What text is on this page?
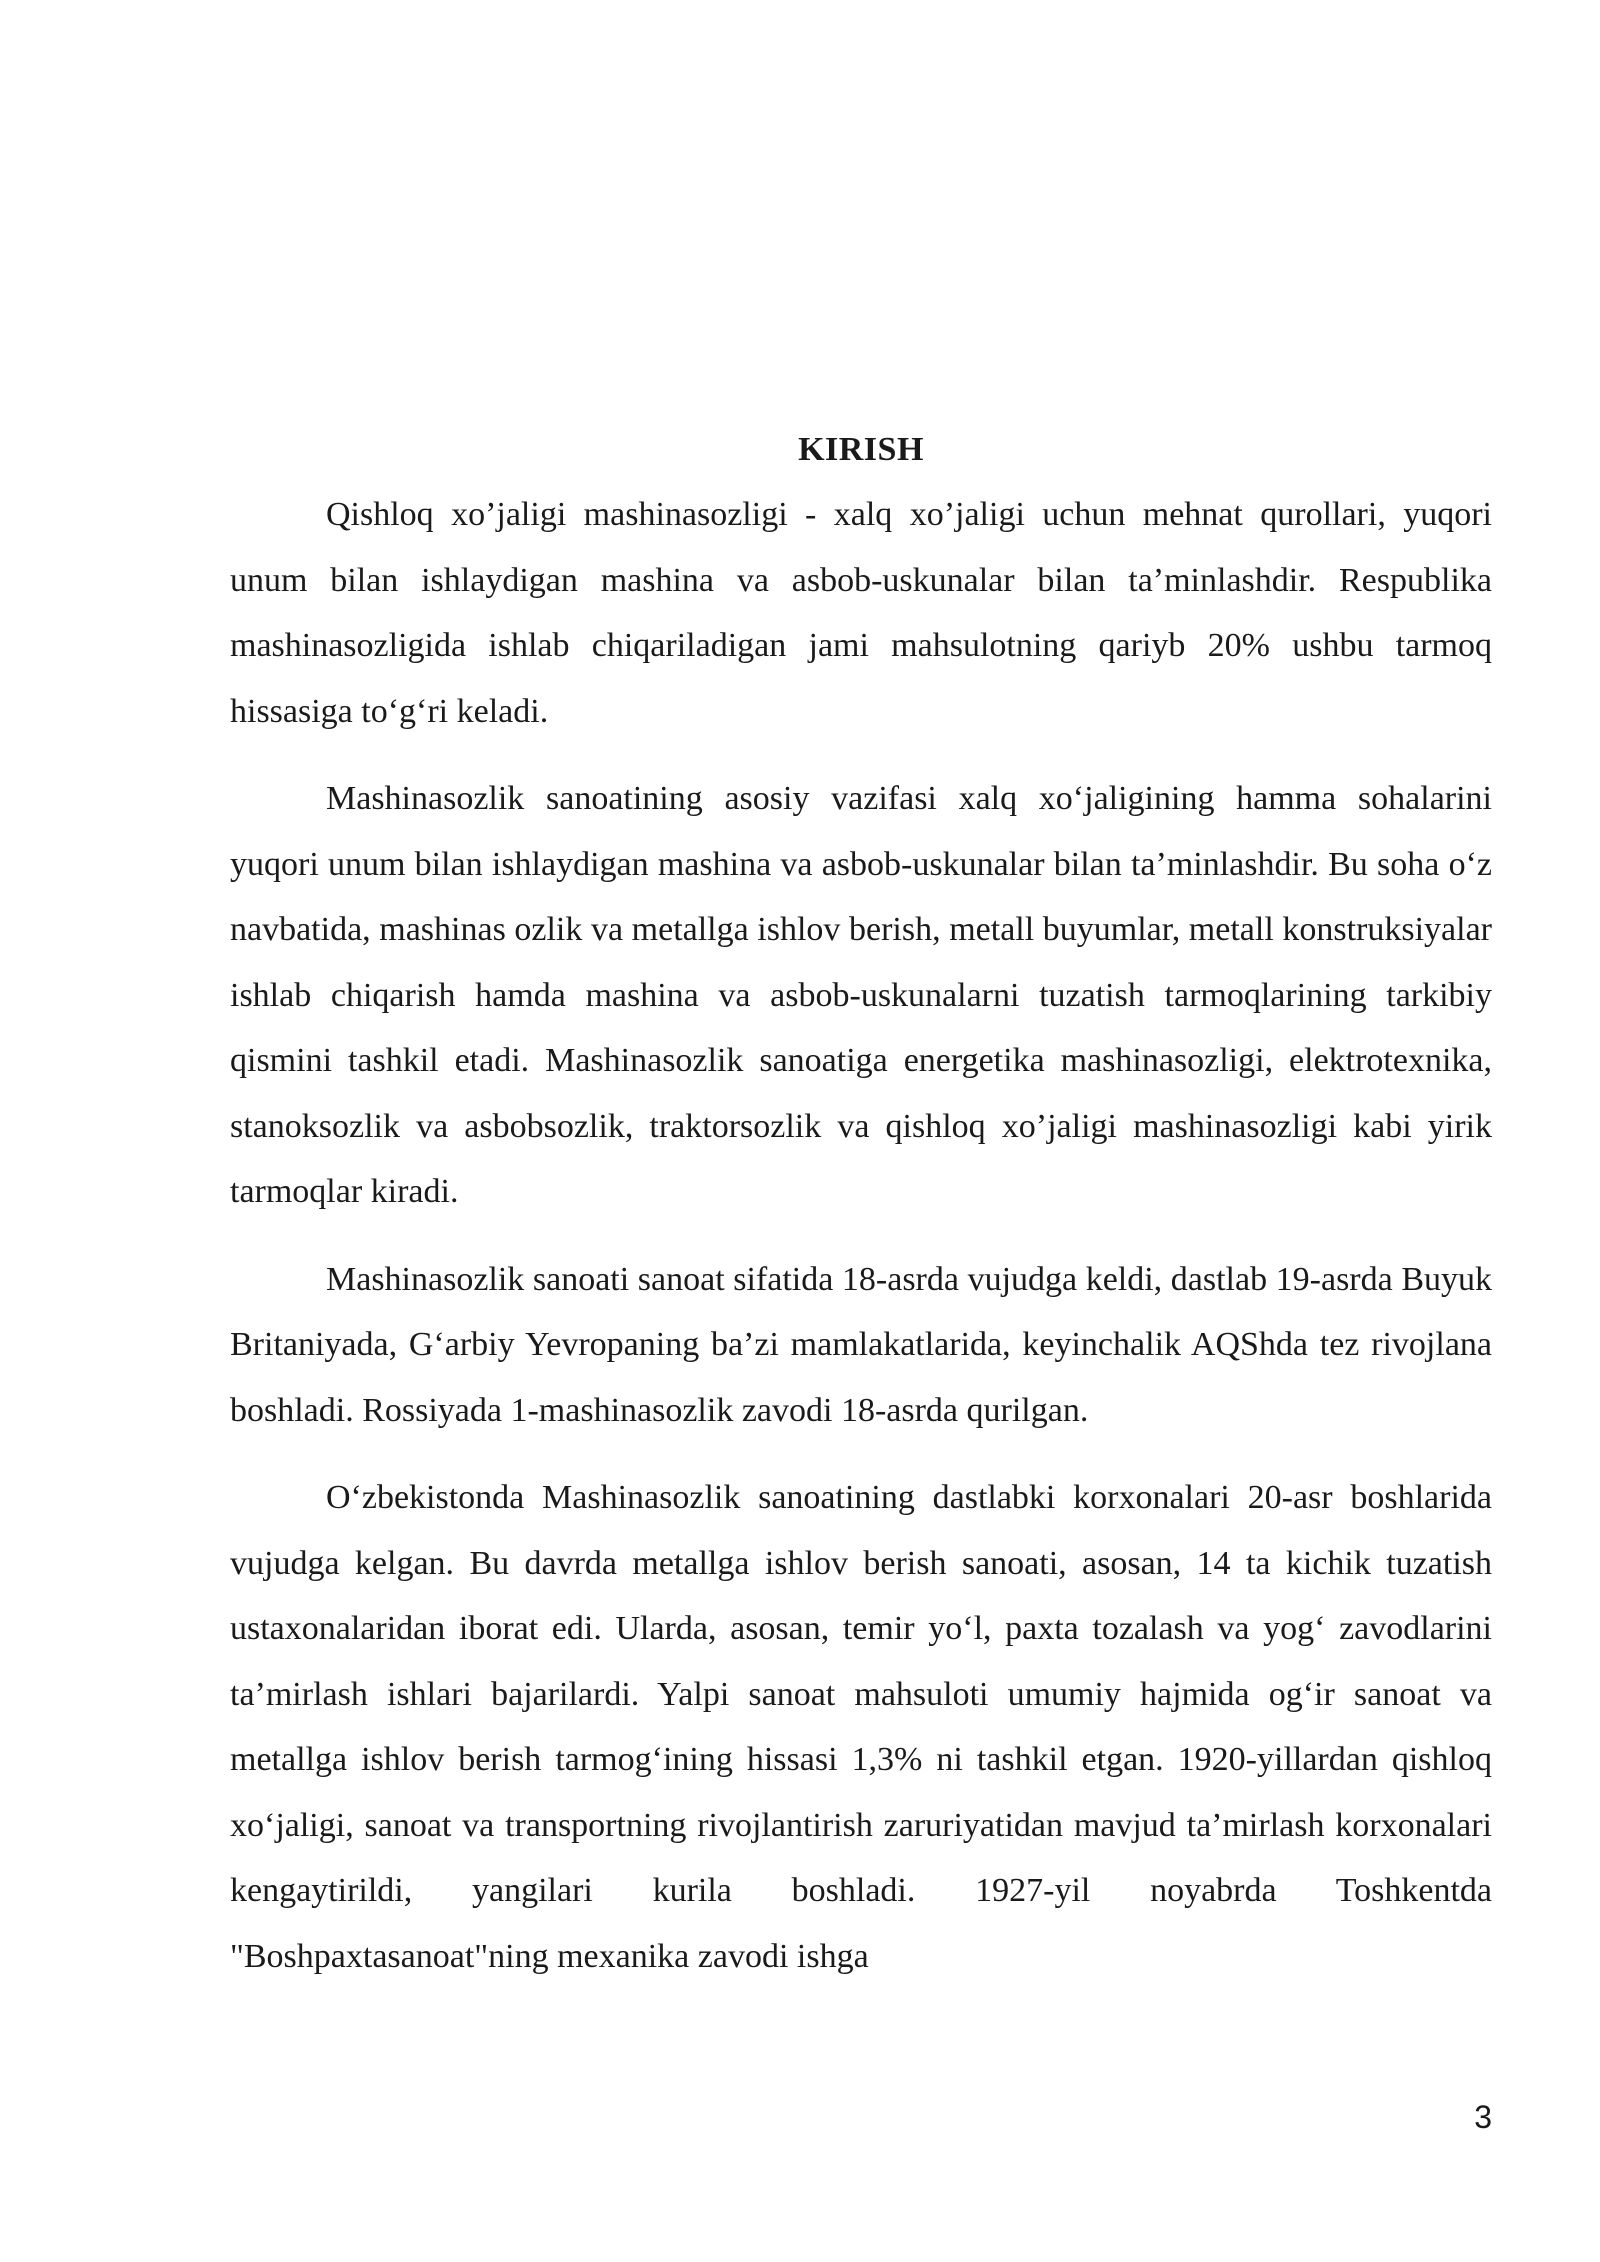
KIRISH

Qishloq xo’jaligi mashinasozligi - xalq xo’jaligi uchun mehnat qurollari, yuqori unum bilan ishlaydigan mashina va asbob-uskunalar bilan ta’minlashdir. Respublika mashinasozligida ishlab chiqariladigan jami mahsulotning qariyb 20% ushbu tarmoq hissasiga to‘g‘ri keladi.

Mashinasozlik sanoatining asosiy vazifasi xalq xo‘jaligining hamma sohalarini yuqori unum bilan ishlaydigan mashina va asbob-uskunalar bilan ta’minlashdir. Bu soha o‘z navbatida, mashinas ozlik va metallga ishlov berish, metall buyumlar, metall konstruksiyalar ishlab chiqarish hamda mashina va asbob-uskunalarni tuzatish tarmoqlarining tarkibiy qismini tashkil etadi. Mashinasozlik sanoatiga energetika mashinasozligi, elektrotexnika, stanoksozlik va asbobsozlik, traktorsozlik va qishloq xo’jaligi mashinasozligi kabi yirik tarmoqlar kiradi.

Mashinasozlik sanoati sanoat sifatida 18-asrda vujudga keldi, dastlab 19-asrda Buyuk Britaniyada, G‘arbiy Yevropaning ba’zi mamlakatlarida, keyinchalik AQShda tez rivojlana boshladi. Rossiyada 1-mashinasozlik zavodi 18-asrda qurilgan.

O‘zbekistonda Mashinasozlik sanoatining dastlabki korxonalari 20-asr boshlarida vujudga kelgan. Bu davrda metallga ishlov berish sanoati, asosan, 14 ta kichik tuzatish ustaxonalaridan iborat edi. Ularda, asosan, temir yo‘l, paxta tozalash va yog‘ zavodlarini ta’mirlash ishlari bajarilardi. Yalpi sanoat mahsuloti umumiy hajmida og‘ir sanoat va metallga ishlov berish tarmog‘ining hissasi 1,3% ni tashkil etgan. 1920-yillardan qishloq xo‘jaligi, sanoat va transportning rivojlantirish zaruriyatidan mavjud ta’mirlash korxonalari kengaytirildi, yangilari kurila boshladi. 1927-yil noyabrda Toshkentda "Boshpaxtasanoat"ning mexanika zavodi ishga

3
